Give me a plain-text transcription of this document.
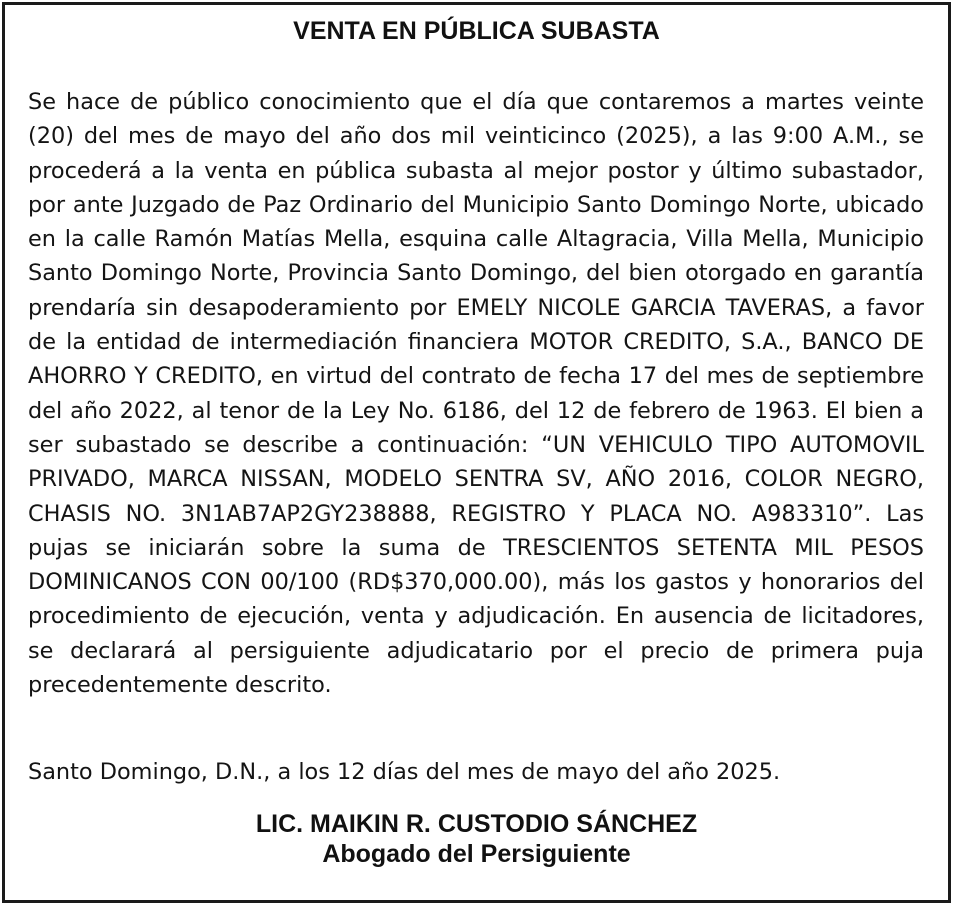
VENTA EN PÚBLICA SUBASTA

Se hace de público conocimiento que el día que contaremos a martes veinte (20) del mes de mayo del año dos mil veinticinco (2025), a las 9:00 A.M., se procederá a la venta en pública subasta al mejor postor y último subastador, por ante Juzgado de Paz Ordinario del Municipio Santo Domingo Norte, ubicado en la calle Ramón Matías Mella, esquina calle Altagracia, Villa Mella, Municipio Santo Domingo Norte, Provincia Santo Domingo, del bien otorgado en garantía prendaría sin desapoderamiento por EMELY NICOLE GARCIA TAVERAS, a favor de la entidad de intermediación financiera MOTOR CREDITO, S.A., BANCO DE AHORRO Y CREDITO, en virtud del contrato de fecha 17 del mes de septiembre del año 2022, al tenor de la Ley No. 6186, del 12 de febrero de 1963. El bien a ser subastado se describe a continuación: “UN VEHICULO TIPO AUTOMOVIL PRIVADO, MARCA NISSAN, MODELO SENTRA SV, AÑO 2016, COLOR NEGRO, CHASIS NO. 3N1AB7AP2GY238888, REGISTRO Y PLACA NO. A983310”. Las pujas se iniciarán sobre la suma de TRESCIENTOS SETENTA MIL PESOS DOMINICANOS CON 00/100 (RD$370,000.00), más los gastos y honorarios del procedimiento de ejecución, venta y adjudicación. En ausencia de licitadores, se declarará al persiguiente adjudicatario por el precio de primera puja precedentemente descrito.

Santo Domingo, D.N., a los 12 días del mes de mayo del año 2025.

LIC. MAIKIN R. CUSTODIO SÁNCHEZ

Abogado del Persiguiente
